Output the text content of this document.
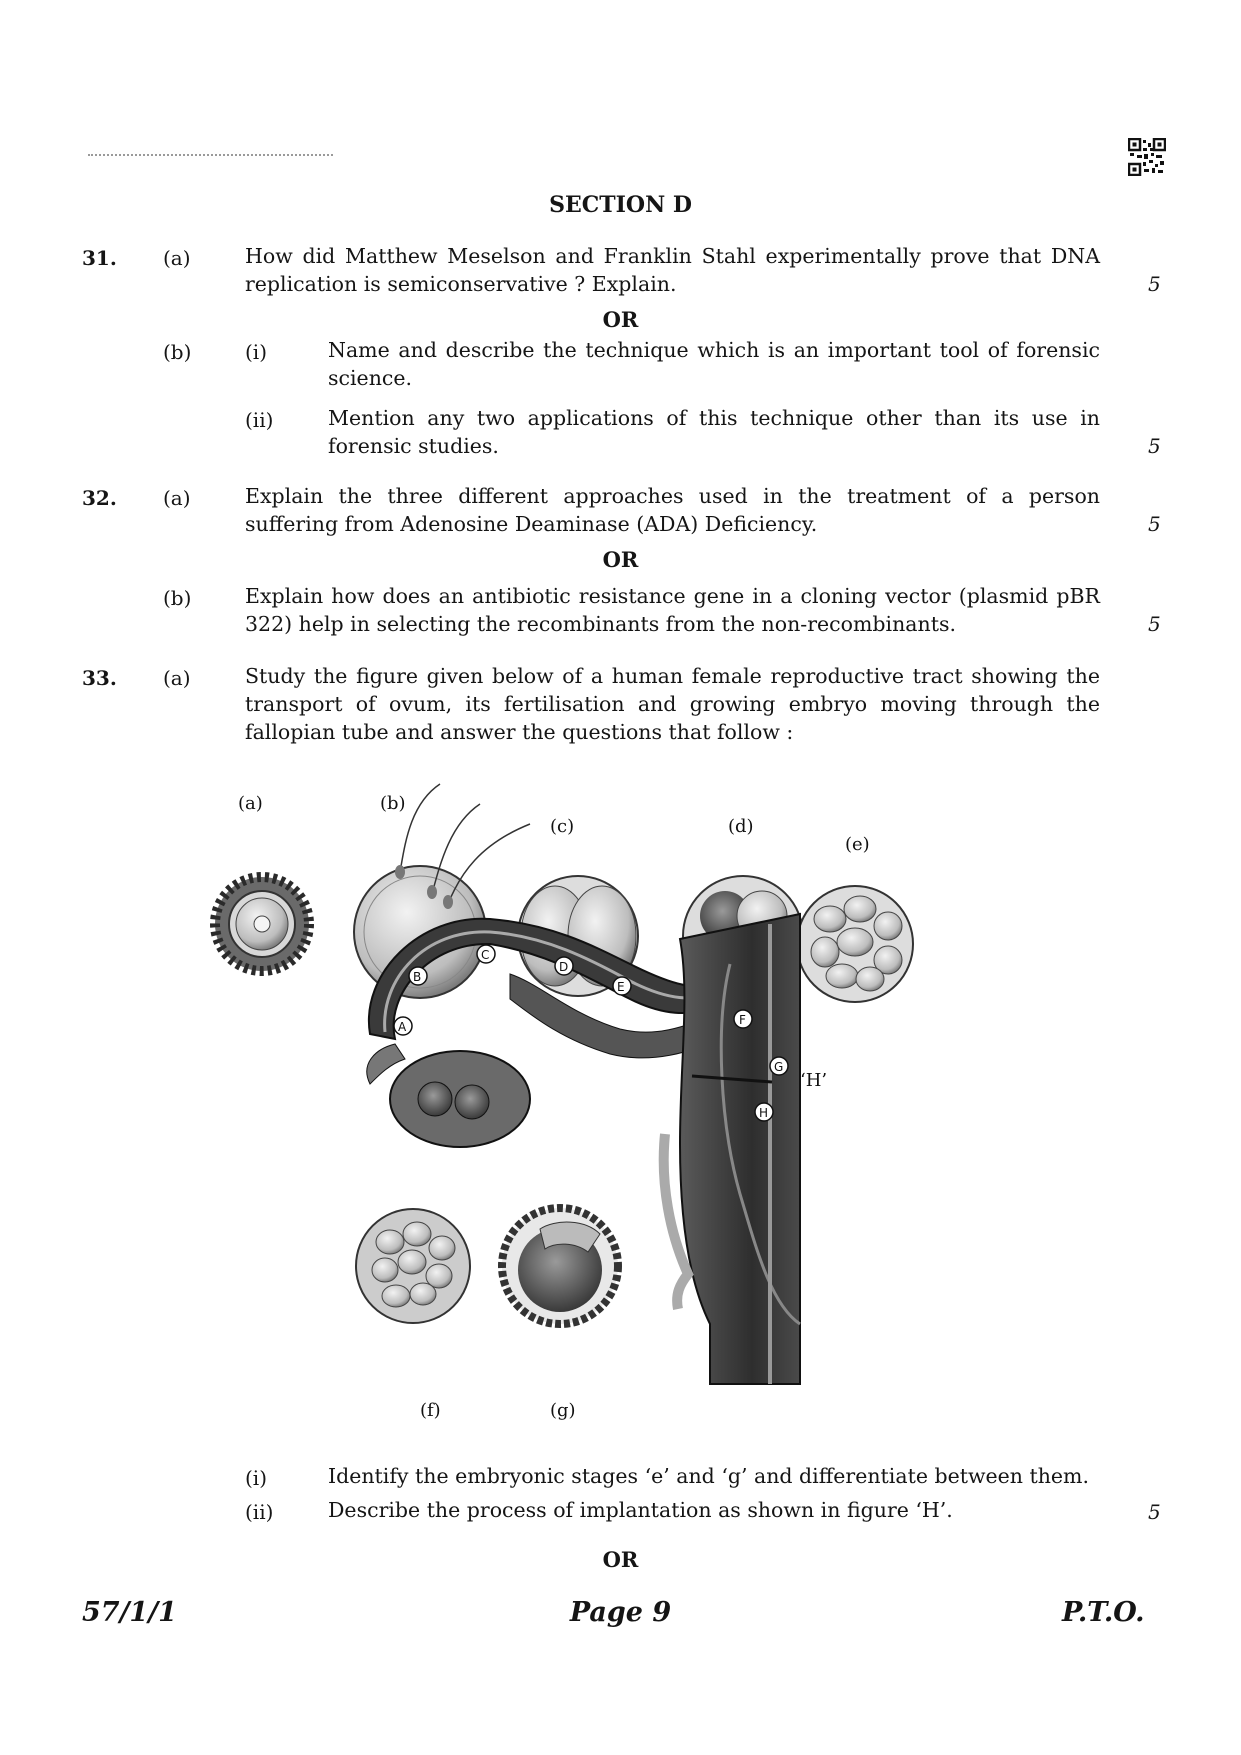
SECTION D
31. (a)	How did Matthew Meselson and Franklin Stahl experimentally prove that DNA replication is semiconservative ? Explain.	5
OR
(b)	(i)	Name and describe the technique which is an important tool of forensic science.
(ii)	Mention any two applications of this technique other than its use in forensic studies.	5
32. (a)	Explain the three different approaches used in the treatment of a person suffering from Adenosine Deaminase (ADA) Deficiency.	5
OR
(b)	Explain how does an antibiotic resistance gene in a cloning vector (plasmid pBR 322) help in selecting the recombinants from the non-recombinants.	5
33. (a)	Study the figure given below of a human female reproductive tract showing the transport of ovum, its fertilisation and growing embryo moving through the fallopian tube and answer the questions that follow :
(a)	(b)
(c)	(d)
(e)
(f)	(g)
A
B
C
D
E
F
G
H
‘H’
(i)	Identify the embryonic stages ‘e’ and ‘g’ and differentiate between them.
(ii)	Describe the process of implantation as shown in figure ‘H’.	5
OR
57/1/1	Page 9	P.T.O.
